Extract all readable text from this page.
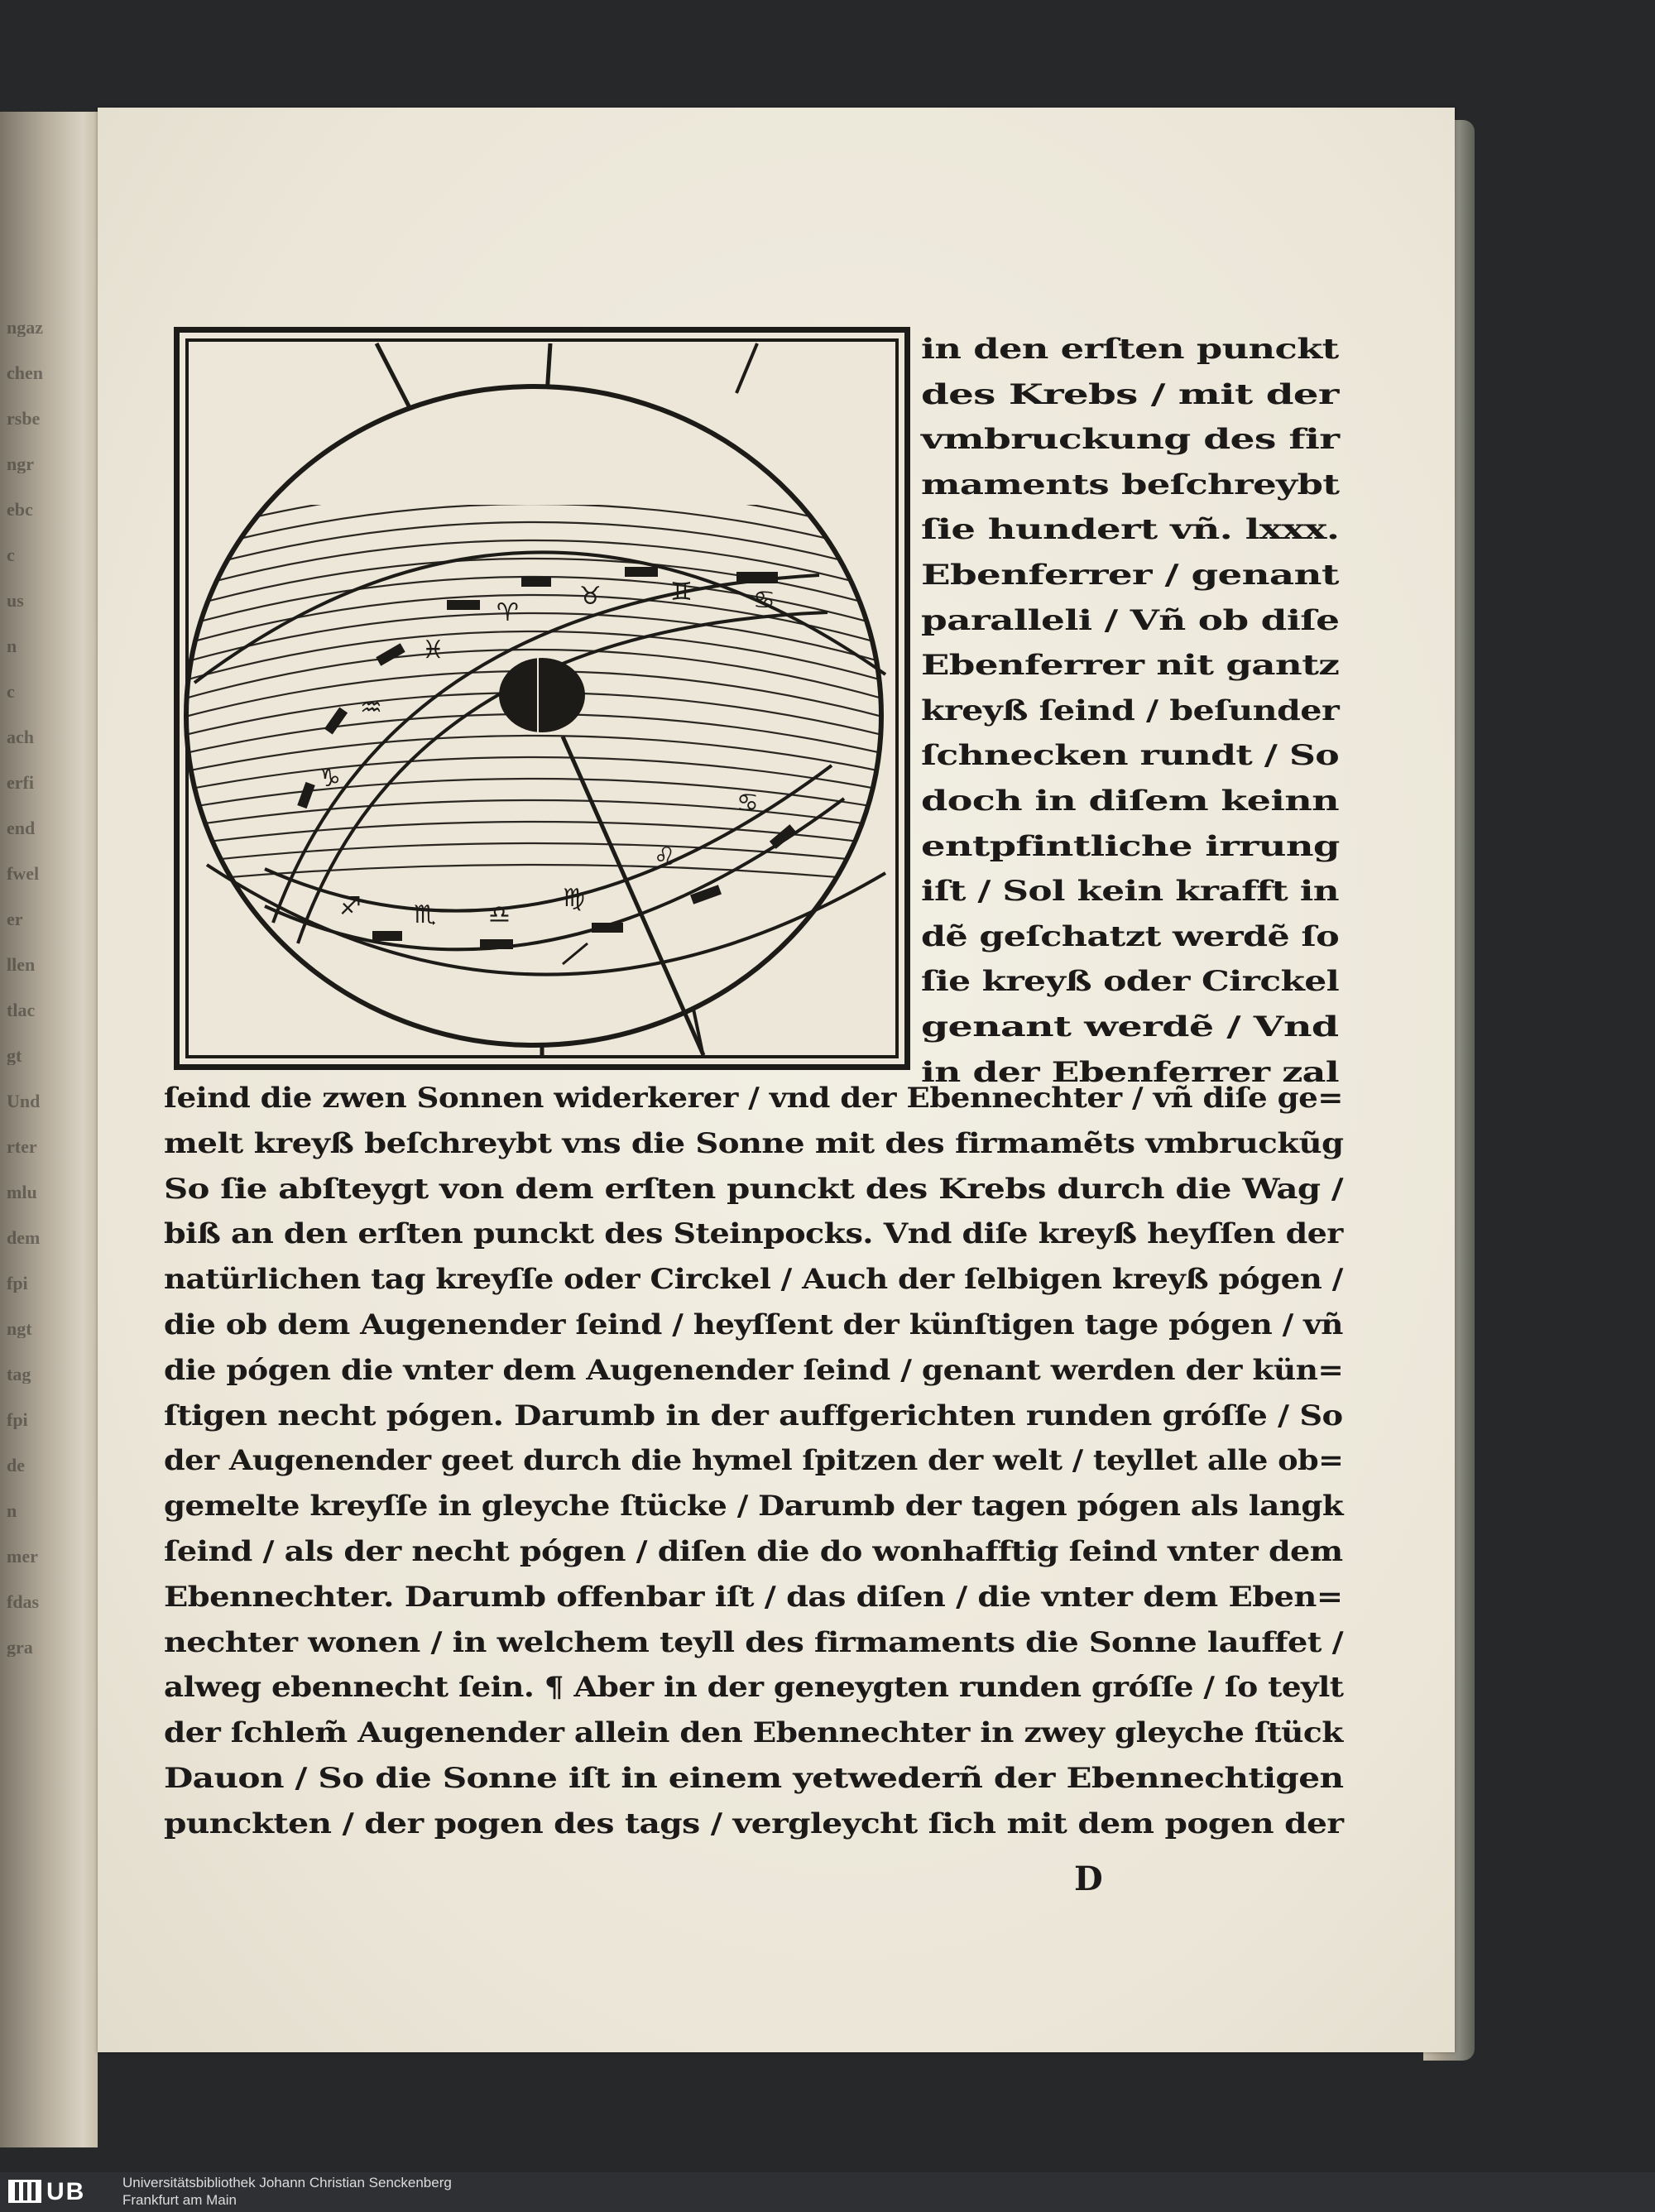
ngaz
chen
rsbe
ngr
ebc
c
us
n
c
ach
erfi
end
fwel
er
llen
tlac
gt
Und
rter
mlu
dem
fpi
ngt
tag
fpi
de
n
mer
fdas
gra
♋
♊
♉
♈
♓
♒
♑
♋
♌
♍
♎
♏
♐
in den erſten punckt
des Krebs / mit der
vmbruckung des fir
maments beſchreybt
ſie hundert vñ. lxxx.
Ebenferrer / genant
paralleli / Vñ ob diſe
Ebenferrer nit gantz
kreyß ſeind / beſunder
ſchnecken rundt / So
doch in diſem keinn
entpfintliche irrung
iſt / Sol kein krafft in
dẽ geſchatzt werdẽ ſo
ſie kreyß oder Circkel
genant werdẽ / Vnd
in der Ebenferrer zal
ſeind die zwen Sonnen widerkerer / vnd der Ebennechter / vñ diſe ge=
melt kreyß beſchreybt vns die Sonne mit des firmamẽts vmbruckũg
So ſie abſteygt von dem erſten punckt des Krebs durch die Wag /
biß an den erſten punckt des Steinpocks. Vnd diſe kreyß heyſſen der
natürlichen tag kreyſſe oder Circkel / Auch der ſelbigen kreyß pógen /
die ob dem Augenender ſeind / heyſſent der künſtigen tage pógen / vñ
die pógen die vnter dem Augenender ſeind / genant werden der kün=
ſtigen necht pógen. Darumb in der auffgerichten runden gróſſe / So
der Augenender geet durch die hymel ſpitzen der welt / teyllet alle ob=
gemelte kreyſſe in gleyche ſtücke / Darumb der tagen pógen als langk
ſeind / als der necht pógen / diſen die do wonhafftig ſeind vnter dem
Ebennechter. Darumb offenbar iſt / das diſen / die vnter dem Eben=
nechter wonen / in welchem teyll des firmaments die Sonne lauffet /
alweg ebennecht ſein. ¶ Aber in der geneygten runden gróſſe / ſo teylt
der ſchlem̃ Augenender allein den Ebennechter in zwey gleyche ſtück
Dauon / So die Sonne iſt in einem yetwederñ der Ebennechtigen
punckten / der pogen des tags / vergleycht ſich mit dem pogen der
D
UB	Universitätsbibliothek Johann Christian Senckenberg
Frankfurt am Main
